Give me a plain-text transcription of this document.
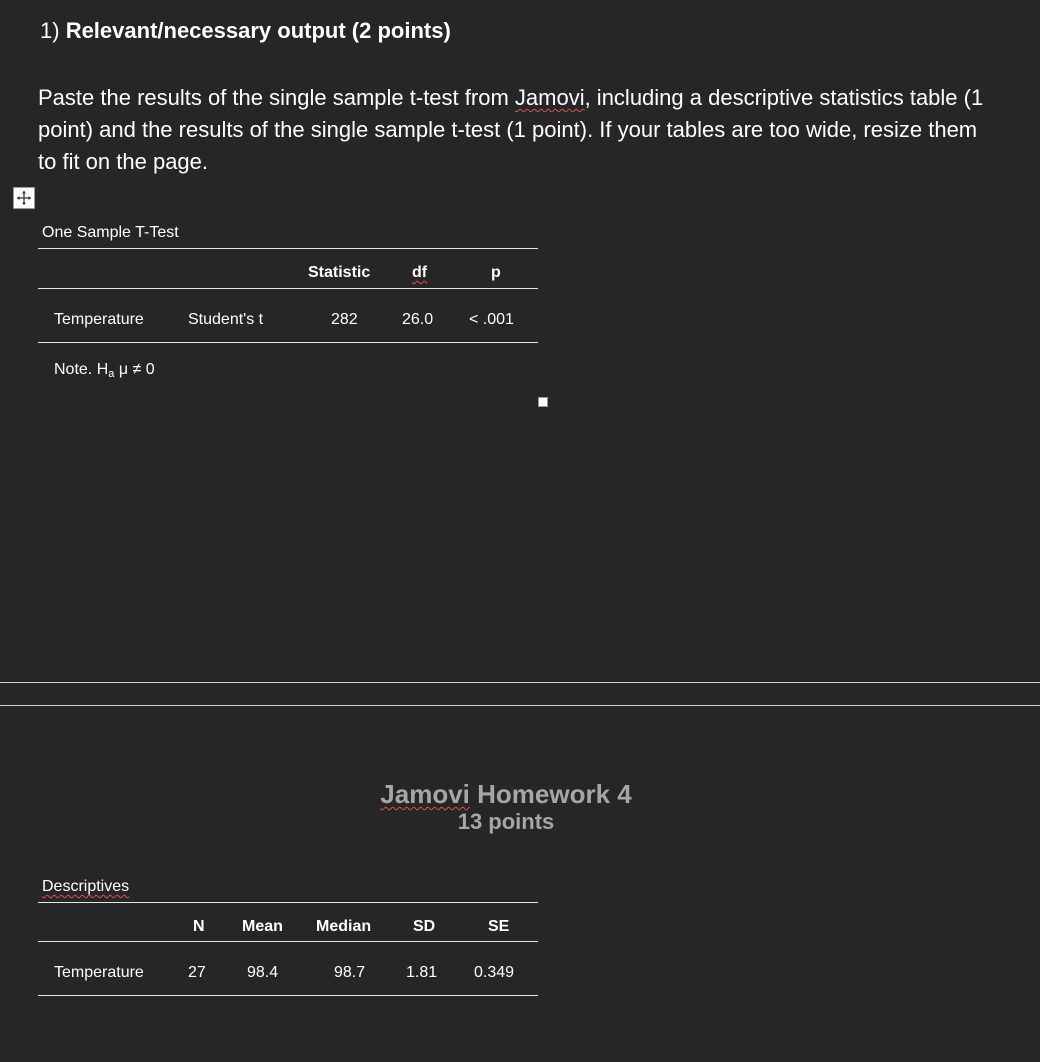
1) Relevant/necessary output (2 points)
Paste the results of the single sample t-test from Jamovi, including a descriptive statistics table (1 point) and the results of the single sample t-test (1 point). If your tables are too wide, resize them to fit on the page.
One Sample T-Test
Statistic	df	p
Temperature	Student's t	282	26.0 < .001
Note. $H_a$ μ ≠ 0
Jamovi Homework 4
13 points
Descriptives
N Mean Median	SD	SE
Temperature	27	98.4	98.7	1.81 0.349
